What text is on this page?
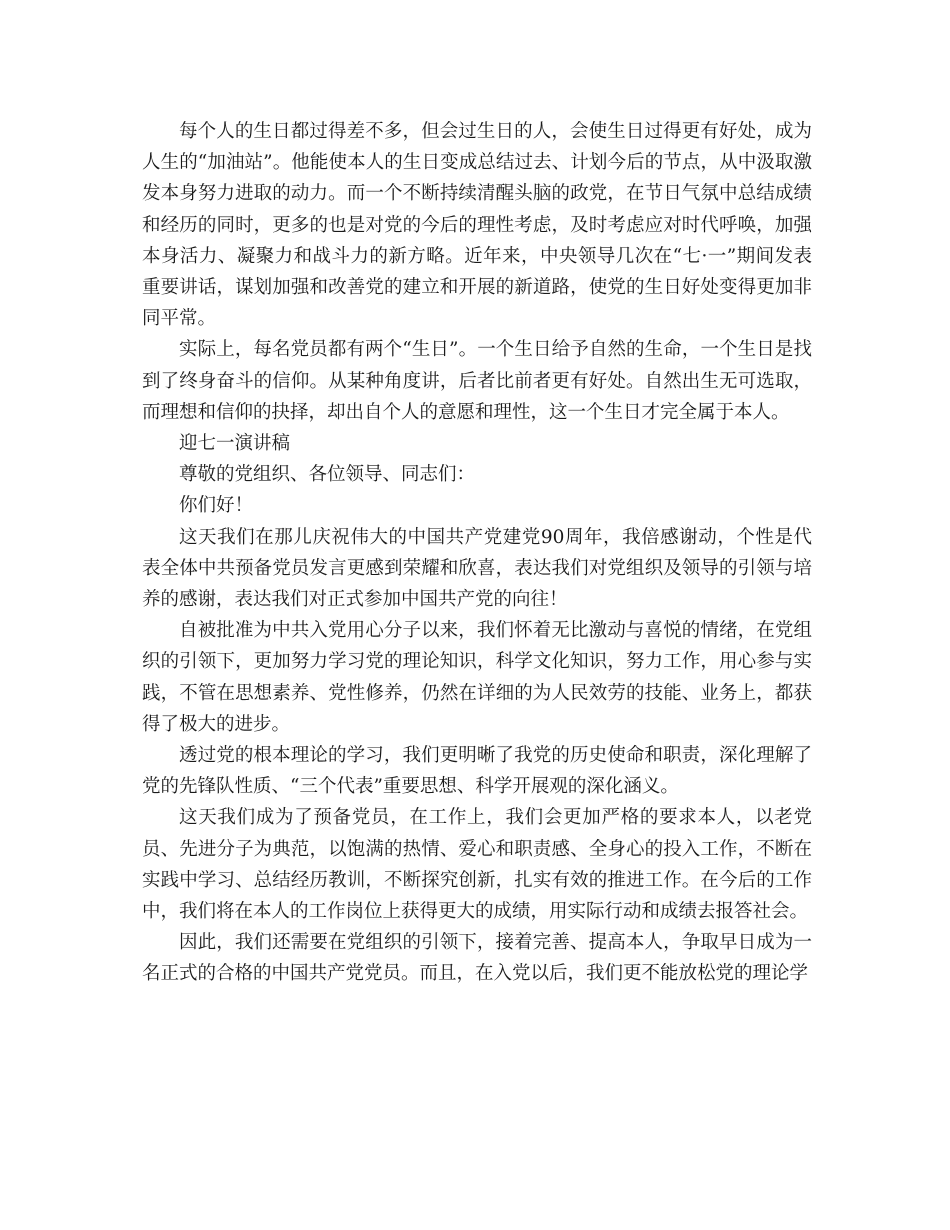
每个人的生日都过得差不多，但会过生日的人，会使生日过得更有好处，成为人生的“加油站”。他能使本人的生日变成总结过去、计划今后的节点，从中汲取激发本身努力进取的动力。而一个不断持续清醒头脑的政党，在节日气氛中总结成绩和经历的同时，更多的也是对党的今后的理性考虑，及时考虑应对时代呼唤，加强本身活力、凝聚力和战斗力的新方略。近年来，中央领导几次在“七·一”期间发表重要讲话，谋划加强和改善党的建立和开展的新道路，使党的生日好处变得更加非同平常。

实际上，每名党员都有两个“生日”。一个生日给予自然的生命，一个生日是找到了终身奋斗的信仰。从某种角度讲，后者比前者更有好处。自然出生无可选取，而理想和信仰的抉择，却出自个人的意愿和理性，这一个生日才完全属于本人。

迎七一演讲稿

尊敬的党组织、各位领导、同志们：

你们好！

这天我们在那儿庆祝伟大的中国共产党建党90周年，我倍感谢动，个性是代表全体中共预备党员发言更感到荣耀和欣喜，表达我们对党组织及领导的引领与培养的感谢，表达我们对正式参加中国共产党的向往！

自被批准为中共入党用心分子以来，我们怀着无比激动与喜悦的情绪，在党组织的引领下，更加努力学习党的理论知识，科学文化知识，努力工作，用心参与实践，不管在思想素养、党性修养，仍然在详细的为人民效劳的技能、业务上，都获得了极大的进步。

透过党的根本理论的学习，我们更明晰了我党的历史使命和职责，深化理解了党的先锋队性质、“三个代表”重要思想、科学开展观的深化涵义。

这天我们成为了预备党员，在工作上，我们会更加严格的要求本人，以老党员、先进分子为典范，以饱满的热情、爱心和职责感、全身心的投入工作，不断在实践中学习、总结经历教训，不断探究创新，扎实有效的推进工作。在今后的工作中，我们将在本人的工作岗位上获得更大的成绩，用实际行动和成绩去报答社会。

因此，我们还需要在党组织的引领下，接着完善、提高本人，争取早日成为一名正式的合格的中国共产党党员。而且，在入党以后，我们更不能放松党的理论学
